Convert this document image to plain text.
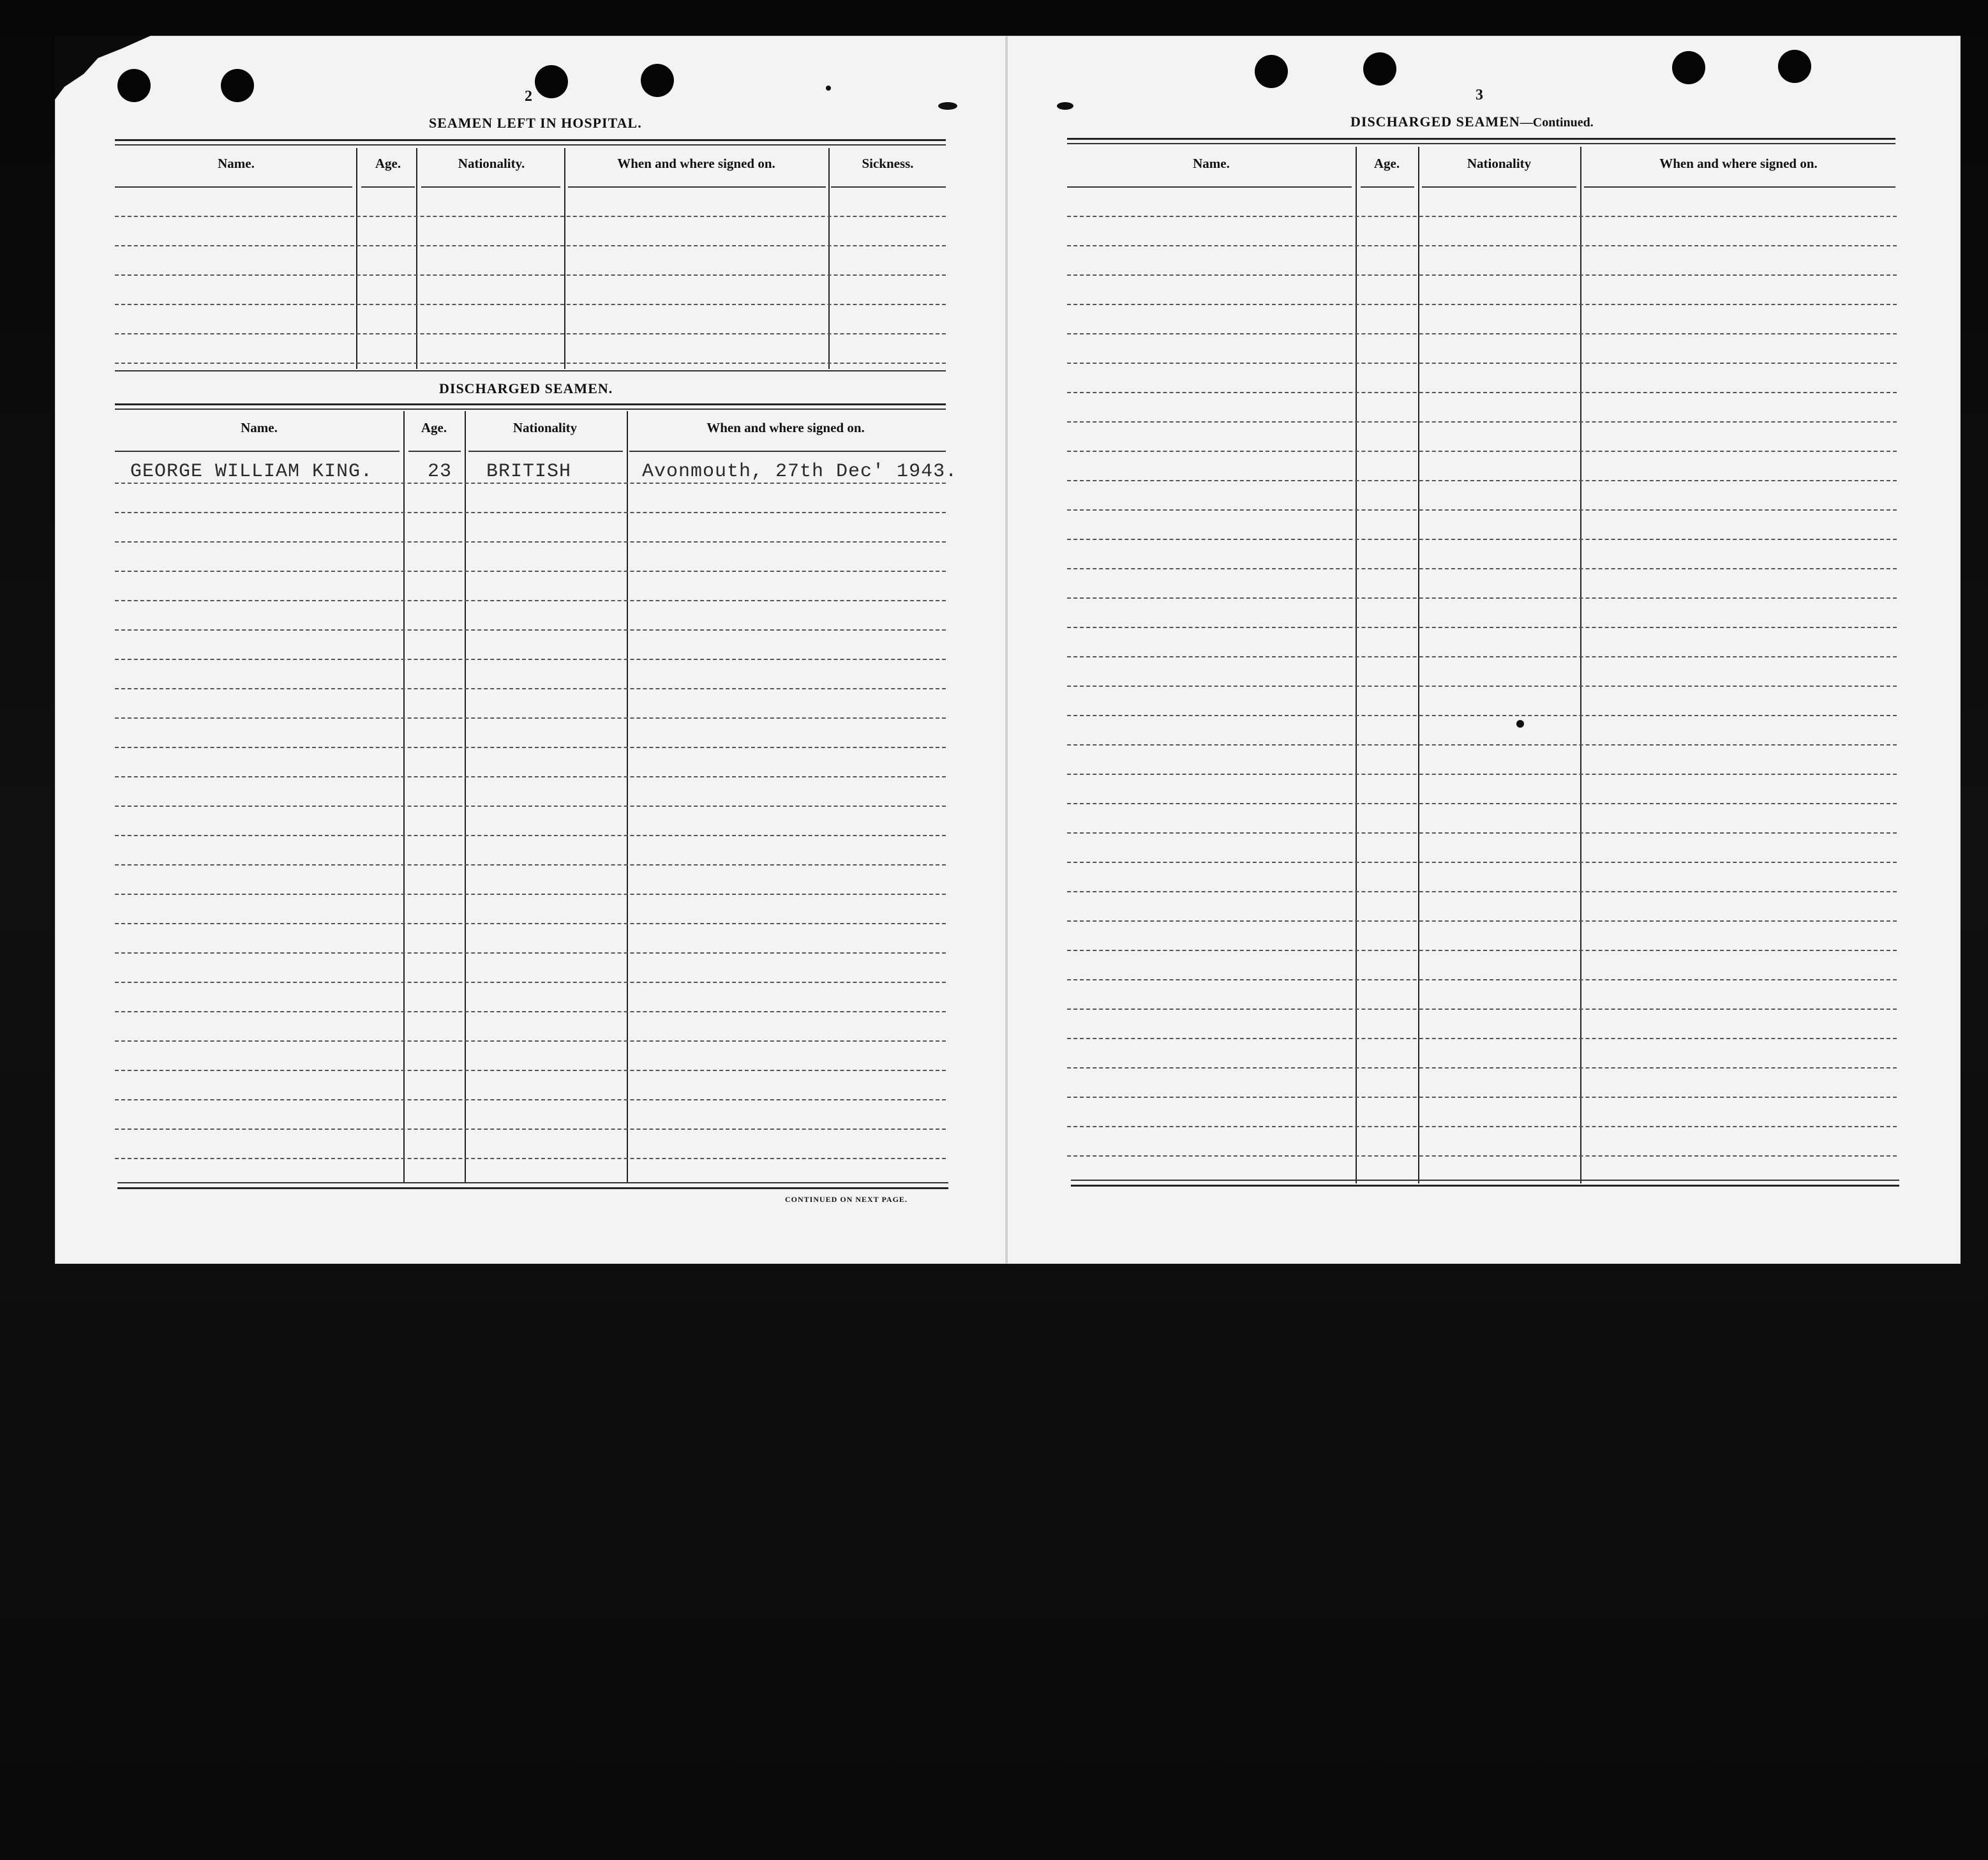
2
SEAMEN LEFT IN HOSPITAL.
Name.	Age.	Nationality.	When and where signed on.	Sickness.
DISCHARGED SEAMEN.
Name.	Age.	Nationality	When and where signed on.
GEORGE WILLIAM KING.	23 BRITISH	Avonmouth, 27th Dec' 1943.
CONTINUED ON NEXT PAGE.
3
DISCHARGED SEAMEN—Continued.
Name.	Age.	Nationality	When and where signed on.
